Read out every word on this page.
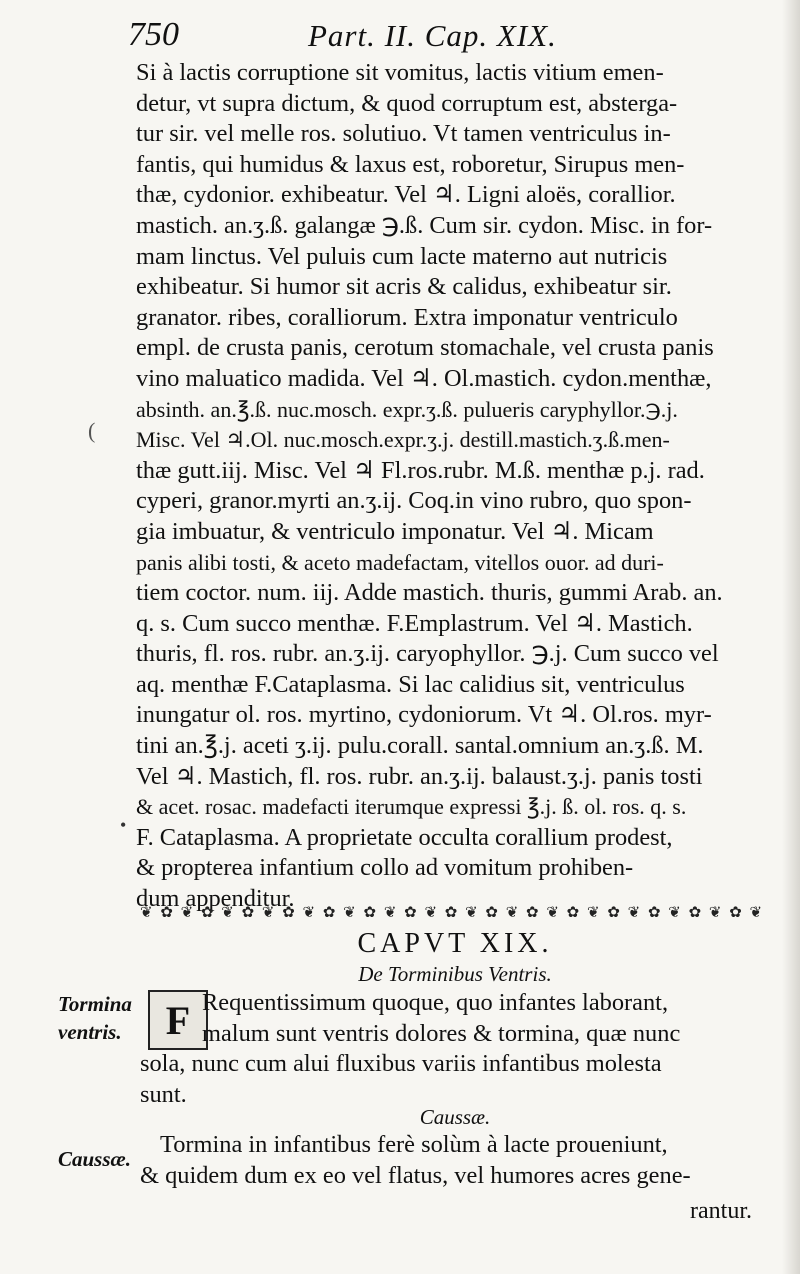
750	Part. II. Cap. XIX.
(
•
Si à lactis corruptione sit vomitus, lactis vitium emen-
detur, vt supra dictum, & quod corruptum est, absterga-
tur sir. vel melle ros. solutiuo. Vt tamen ventriculus in-
fantis, qui humidus & laxus est, roboretur, Sirupus men-
thæ, cydonior. exhibeatur. Vel ♃. Ligni aloës, corallior.
mastich. an.ʒ.ß. galangæ ℈.ß. Cum sir. cydon. Misc. in for-
mam linctus. Vel puluis cum lacte materno aut nutricis
exhibeatur. Si humor sit acris & calidus, exhibeatur sir.
granator. ribes, coralliorum. Extra imponatur ventriculo
empl. de crusta panis, cerotum stomachale, vel crusta panis
vino maluatico madida. Vel ♃. Ol.mastich. cydon.menthæ,
absinth. an.℥.ß. nuc.mosch. expr.ʒ.ß. pulueris caryphyllor.℈.j.
Misc. Vel ♃.Ol. nuc.mosch.expr.ʒ.j. destill.mastich.ʒ.ß.men-
thæ gutt.iij. Misc. Vel ♃ Fl.ros.rubr. M.ß. menthæ p.j. rad.
cyperi, granor.myrti an.ʒ.ij. Coq.in vino rubro, quo spon-
gia imbuatur, & ventriculo imponatur. Vel ♃. Micam
panis alibi tosti, & aceto madefactam, vitellos ouor. ad duri-
tiem coctor. num. iij. Adde mastich. thuris, gummi Arab. an.
q. s. Cum succo menthæ. F.Emplastrum. Vel ♃. Mastich.
thuris, fl. ros. rubr. an.ʒ.ij. caryophyllor. ℈.j. Cum succo vel
aq. menthæ F.Cataplasma. Si lac calidius sit, ventriculus
inungatur ol. ros. myrtino, cydoniorum. Vt ♃. Ol.ros. myr-
tini an.℥.j. aceti ʒ.ij. pulu.corall. santal.omnium an.ʒ.ß. M.
Vel ♃. Mastich, fl. ros. rubr. an.ʒ.ij. balaust.ʒ.j. panis tosti
& acet. rosac. madefacti iterumque expressi ℥.j. ß. ol. ros. q. s.
F. Cataplasma. A proprietate occulta corallium prodest,
& propterea infantium collo ad vomitum prohiben-
dum appenditur.
❦ ✿ ❦ ✿ ❦ ✿ ❦ ✿ ❦ ✿ ❦ ✿ ❦ ✿ ❦ ✿ ❦ ✿ ❦ ✿ ❦ ✿ ❦ ✿ ❦ ✿ ❦ ✿ ❦ ✿ ❦
CAPVT XIX.
De Torminibus Ventris.
Tormina
ventris.	F Requentissimum quoque, quo infantes laborant,
malum sunt ventris dolores & tormina, quæ nunc
sola, nunc cum alui fluxibus variis infantibus molesta
sunt.
Caussæ.
Caussæ.
Tormina in infantibus ferè solùm à lacte proueniunt,
& quidem dum ex eo vel flatus, vel humores acres gene-
rantur.
